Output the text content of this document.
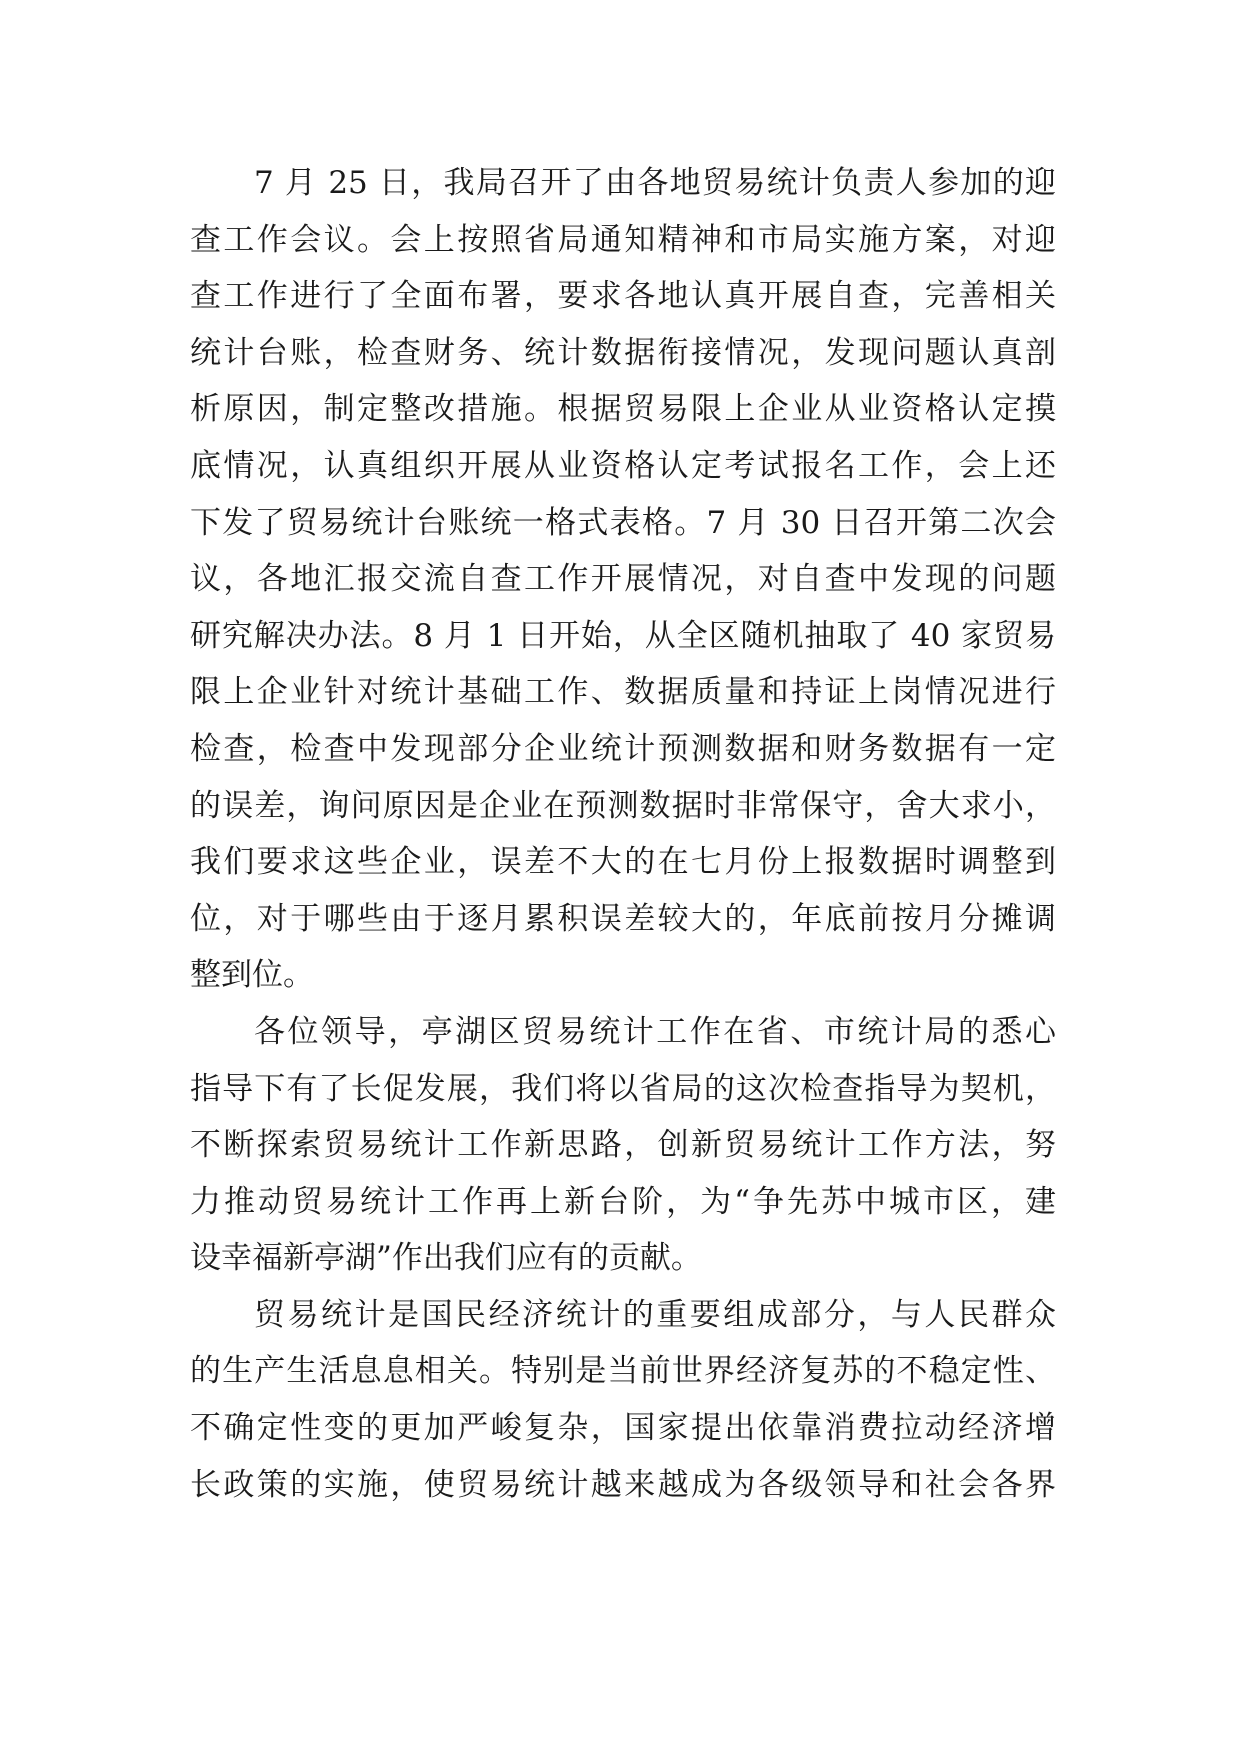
7 月 25 日，我局召开了由各地贸易统计负责人参加的迎
查工作会议。会上按照省局通知精神和市局实施方案，对迎
查工作进行了全面布署，要求各地认真开展自查，完善相关
统计台账，检查财务、统计数据衔接情况，发现问题认真剖
析原因，制定整改措施。根据贸易限上企业从业资格认定摸
底情况，认真组织开展从业资格认定考试报名工作，会上还
下发了贸易统计台账统一格式表格。7 月 30 日召开第二次会
议，各地汇报交流自查工作开展情况，对自查中发现的问题
研究解决办法。8 月 1 日开始，从全区随机抽取了 40 家贸易
限上企业针对统计基础工作、数据质量和持证上岗情况进行
检查，检查中发现部分企业统计预测数据和财务数据有一定
的误差，询问原因是企业在预测数据时非常保守，舍大求小，
我们要求这些企业，误差不大的在七月份上报数据时调整到
位，对于哪些由于逐月累积误差较大的，年底前按月分摊调
整到位。
各位领导，亭湖区贸易统计工作在省、市统计局的悉心
指导下有了长促发展，我们将以省局的这次检查指导为契机，
不断探索贸易统计工作新思路，创新贸易统计工作方法，努
力推动贸易统计工作再上新台阶，为“争先苏中城市区，建
设幸福新亭湖”作出我们应有的贡献。
贸易统计是国民经济统计的重要组成部分，与人民群众
的生产生活息息相关。特别是当前世界经济复苏的不稳定性、
不确定性变的更加严峻复杂，国家提出依靠消费拉动经济增
长政策的实施，使贸易统计越来越成为各级领导和社会各界
